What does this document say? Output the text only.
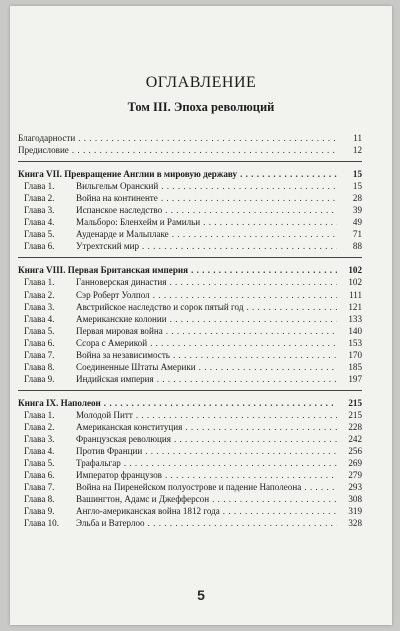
ОГЛАВЛЕНИЕ
Том III. Эпоха революций
Благодарности . . .	11
Предисловие . . .	12
Книга VII. Превращение Англии в мировую державу . . .	15
Глава 1.	Вильгельм Оранский . . .	15
Глава 2.	Война на континенте . . .	28
Глава 3.	Испанское наследство . . .	39
Глава 4.	Мальборо: Бленхейм и Рамильи . . .	49
Глава 5.	Ауденарде и Мальплаке . . .	71
Глава 6.	Утрехтский мир . . .	88
Книга VIII. Первая Британская империя . . .	102
Глава 1.	Ганноверская династия . . .	102
Глава 2.	Сэр Роберт Уолпол . . .	111
Глава 3.	Австрийское наследство и сорок пятый год . . .	121
Глава 4.	Американские колонии . . .	133
Глава 5.	Первая мировая война . . .	140
Глава 6.	Ссора с Америкой . . .	153
Глава 7.	Война за независимость . . .	170
Глава 8.	Соединенные Штаты Америки . . .	185
Глава 9.	Индийская империя . . .	197
Книга IX. Наполеон . . .	215
Глава 1.	Молодой Питт . . .	215
Глава 2.	Американская конституция . . .	228
Глава 3.	Французская революция . . .	242
Глава 4.	Против Франции . . .	256
Глава 5.	Трафальгар . . .	269
Глава 6.	Император французов . . .	279
Глава 7.	Война на Пиренейском полуострове и падение Наполеона . . .	293
Глава 8.	Вашингтон, Адамс и Джефферсон . . .	308
Глава 9.	Англо-американская война 1812 года . . .	319
Глава 10.	Эльба и Ватерлоо . . .	328
5
